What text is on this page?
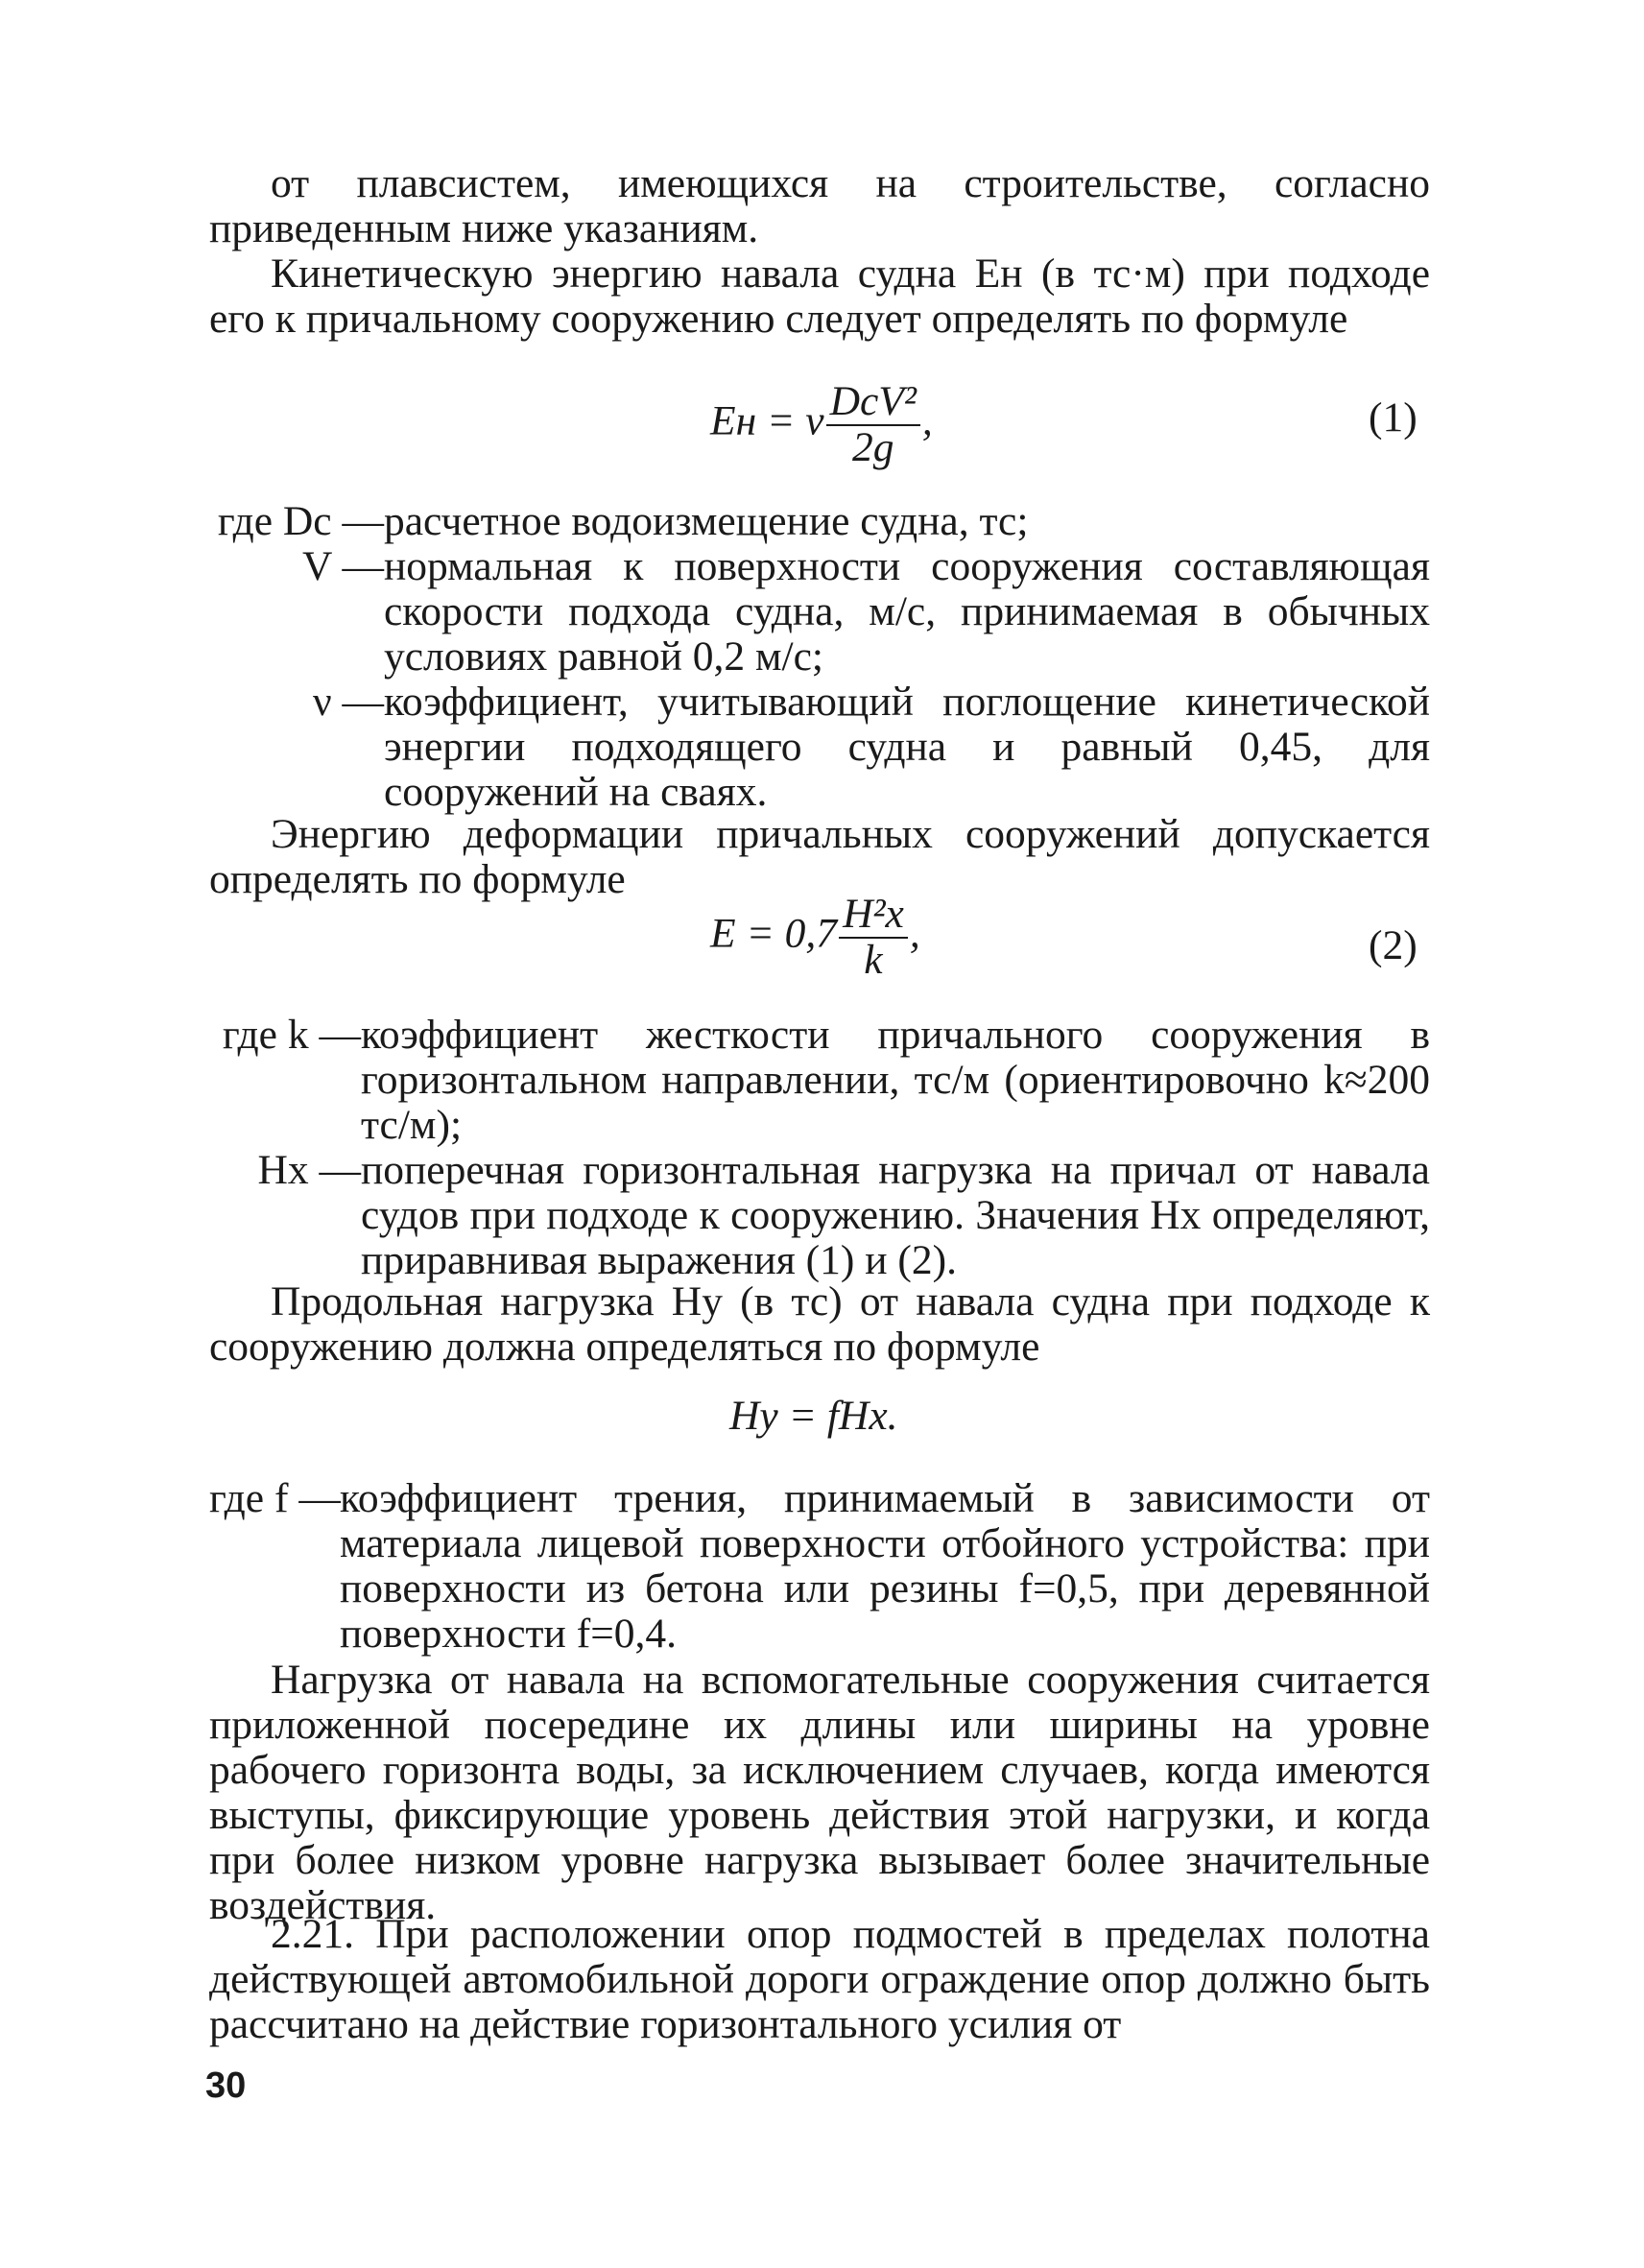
от плавсистем, имеющихся на строительстве, согласно приведенным ниже указаниям.
Кинетическую энергию навала судна Eн (в тс·м) при подходе его к причальному сооружению следует определять по формуле
Eн = ν $\frac{\text{DсV²}}{2g}$ ,	(1)
где Dс — расчетное водоизмещение судна, тс;
V — нормальная к поверхности сооружения составляющая скорости подхода судна, м/с, принимаемая в обычных условиях равной 0,2 м/с;
ν — коэффициент, учитывающий поглощение кинетической энергии подходящего судна и равный 0,45, для сооружений на сваях.
Энергию деформации причальных сооружений допускается определять по формуле
$E = 0,7 \frac{\text{H²x}}{k}$ ,	(2)
где k — коэффициент жесткости причального сооружения в горизонтальном направлении, тс/м (ориентировочно k≈200 тс/м);
Hx — поперечная горизонтальная нагрузка на причал от навала судов при подходе к сооружению. Значения Hx определяют, приравнивая выражения (1) и (2).
Продольная нагрузка Hy (в тс) от навала судна при подходе к сооружению должна определяться по формуле
Hy = fHx.
где f — коэффициент трения, принимаемый в зависимости от материала лицевой поверхности отбойного устройства: при поверхности из бетона или резины f=0,5, при деревянной поверхности f=0,4.
Нагрузка от навала на вспомогательные сооружения считается приложенной посередине их длины или ширины на уровне рабочего горизонта воды, за исключением случаев, когда имеются выступы, фиксирующие уровень действия этой нагрузки, и когда при более низком уровне нагрузка вызывает более значительные воздействия.
2.21. При расположении опор подмостей в пределах полотна действующей автомобильной дороги ограждение опор должно быть рассчитано на действие горизонтального усилия от
30
